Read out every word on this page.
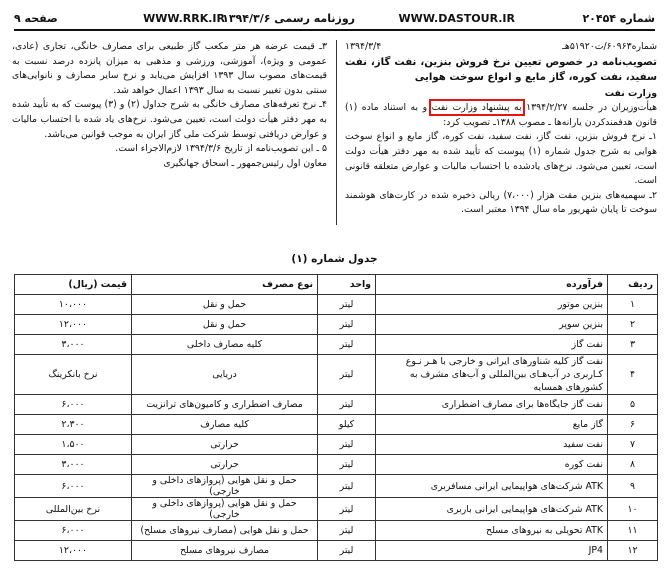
شماره ۲۰۴۵۴
WWW.DASTOUR.IR
روزنامه رسمی ۱۳۹۴/۳/۶
WWW.RRK.IR
صفحه ۹

شماره۶۰۹۶۳/ت۵۱۹۲۰هـ
۱۳۹۴/۳/۴

تصویب‌نامه در خصوص تعیین نرخ فروش بنزین، نفت گاز، نفت سفید، نفت کوره، گاز مایع و انواع سوخت هوایی

وزارت نفت

هیأت‌وزیران در جلسه ۱۳۹۴/۲/۲۷ به پیشنهاد وزارت نفت و به استناد ماده (۱) قانون هدفمندکردن یارانه‌ها ـ مصوب ۱۳۸۸ـ تصویب کرد:

۱ـ نرخ فروش بنزین، نفت گاز، نفت سفید، نفت کوره، گاز مایع و انواع سوخت هوایی به شرح جدول شماره (۱) پیوست که تأیید شده به مهر دفتر هیأت دولت است، تعیین می‌شود. نرخ‌های یادشده با احتساب مالیات و عوارض متعلقه قانونی است.

۲ـ سهمیه‌های بنزین مقت هزار (۷،۰۰۰) ریالی ذخیره شده در کارت‌های هوشمند سوخت تا پایان شهریور ماه سال ۱۳۹۴ معتبر است.

۳ـ قیمت عرضه هر متر مکعب گاز طبیعی برای مصارف خانگی، تجاری (عادی، عمومی و ویژه)، آموزشی، ورزشی و مذهبی به میزان پانزده درصد نسبت به قیمت‌های مصوب سال ۱۳۹۳ افزایش می‌یابد و نرخ سایر مصارف و نانوایی‌های سنتی بدون تغییر نسبت به سال ۱۳۹۳ اعمال خواهد شد.

۴ـ نرخ تعرفه‌های مصارف خانگی به شرح جداول (۲) و (۳) پیوست که به تأیید شده به مهر دفتر هیأت دولت است، تعیین می‌شود. نرخ‌های یاد شده با احتساب مالیات و عوارض دریافتی توسط شرکت ملی گاز ایران به موجب قوانین می‌باشد.

۵ ـ این تصویب‌نامه از تاریخ ۱۳۹۴/۳/۶ لازم‌الاجراء است.

معاون اول رئیس‌جمهور ـ اسحاق جهانگیری

جدول شماره (۱)
ردیف	فرآورده	واحد	نوع مصرف	قیمت (ریال)
۱	بنزین موتور	لیتر	حمل و نقل	۱۰،۰۰۰
۲	بنزین سوپر	لیتر	حمل و نقل	۱۲،۰۰۰
۳	نفت گاز	لیتر	کلیه مصارف داخلی	۳،۰۰۰
۴	نفت گاز کلیه شناورهای ایرانی و خارجی با هـر نـوع کـاربری در آب‌هـای بین‌المللی و آب‌های مشرف به کشورهای همسایه	لیتر	دریایی	نرخ بانکرینگ
۵	نفت گاز جایگاه‌ها برای مصارف اضطراری	لیتر	مصارف اضطراری و کامیون‌های ترانزیت	۶،۰۰۰
۶	گاز مایع	کیلو	کلیه مصارف	۲،۳۰۰
۷	نفت سفید	لیتر	حرارتی	۱،۵۰۰
۸	نفت کوره	لیتر	حرارتی	۳،۰۰۰
۹	ATK شرکت‌های هواپیمایی ایرانی مسافربری	لیتر	حمل و نقل هوایی (پروازهای داخلی و خارجی)	۶،۰۰۰
۱۰	ATK شرکت‌های هواپیمایی ایرانی باربری	لیتر	حمل و نقل هوایی (پروازهای داخلی و خارجی)	نرخ بین‌المللی
۱۱	ATK تحویلی به نیروهای مسلح	لیتر	حمل و نقل هوایی (مصارف نیروهای مسلح)	۶،۰۰۰
۱۲	JP4	لیتر	مصارف نیروهای مسلح	۱۲،۰۰۰
